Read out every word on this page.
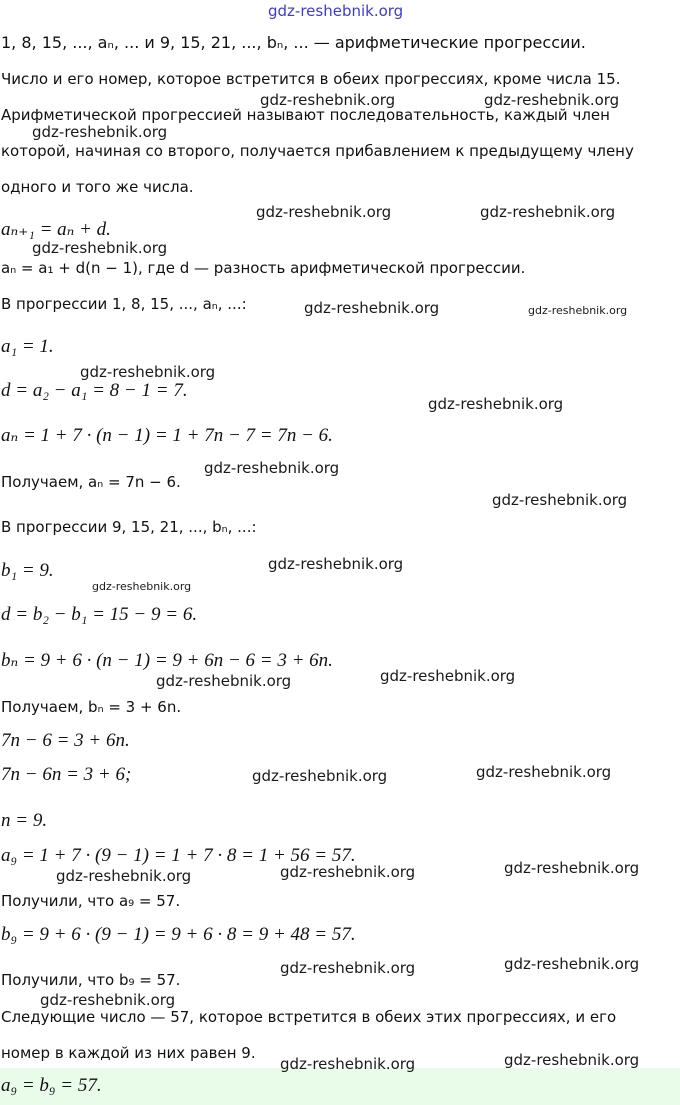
gdz-reshebnik.org
1, 8, 15, ..., aₙ, ... и 9, 15, 21, ..., bₙ, ... — арифметические прогрессии.
Число и его номер, которое встретится в обеих прогрессиях, кроме числа 15.
Арифметической прогрессией называют последовательность, каждый член
которой, начиная со второго, получается прибавлением к предыдущему члену
одного и того же числа.
aₙ₊₁ = aₙ + d.
aₙ = a₁ + d(n − 1), где d — разность арифметической прогрессии.
В прогрессии 1, 8, 15, ..., aₙ, ...:
a₁ = 1.
d = a₂ − a₁ = 8 − 1 = 7.
aₙ = 1 + 7 · (n − 1) = 1 + 7n − 7 = 7n − 6.
Получаем, aₙ = 7n − 6.
В прогрессии 9, 15, 21, ..., bₙ, ...:
b₁ = 9.
d = b₂ − b₁ = 15 − 9 = 6.
bₙ = 9 + 6 · (n − 1) = 9 + 6n − 6 = 3 + 6n.
Получаем, bₙ = 3 + 6n.
7n − 6 = 3 + 6n.
7n − 6n = 3 + 6;
n = 9.
a₉ = 1 + 7 · (9 − 1) = 1 + 7 · 8 = 1 + 56 = 57.
Получили, что a₉ = 57.
b₉ = 9 + 6 · (9 − 1) = 9 + 6 · 8 = 9 + 48 = 57.
Получили, что b₉ = 57.
Следующие число — 57, которое встретится в обеих этих прогрессиях, и его
номер в каждой из них равен 9.
a₉ = b₉ = 57.
gdz-reshebnik.org	gdz-reshebnik.org
gdz-reshebnik.org
gdz-reshebnik.org	gdz-reshebnik.org
gdz-reshebnik.org
gdz-reshebnik.org	gdz-reshebnik.org
gdz-reshebnik.org
gdz-reshebnik.org
gdz-reshebnik.org
gdz-reshebnik.org
gdz-reshebnik.org
gdz-reshebnik.org
gdz-reshebnik.org	gdz-reshebnik.org
gdz-reshebnik.org	gdz-reshebnik.org
gdz-reshebnik.org
gdz-reshebnik.org	gdz-reshebnik.org
gdz-reshebnik.org	gdz-reshebnik.org
gdz-reshebnik.org
gdz-reshebnik.org	gdz-reshebnik.org
